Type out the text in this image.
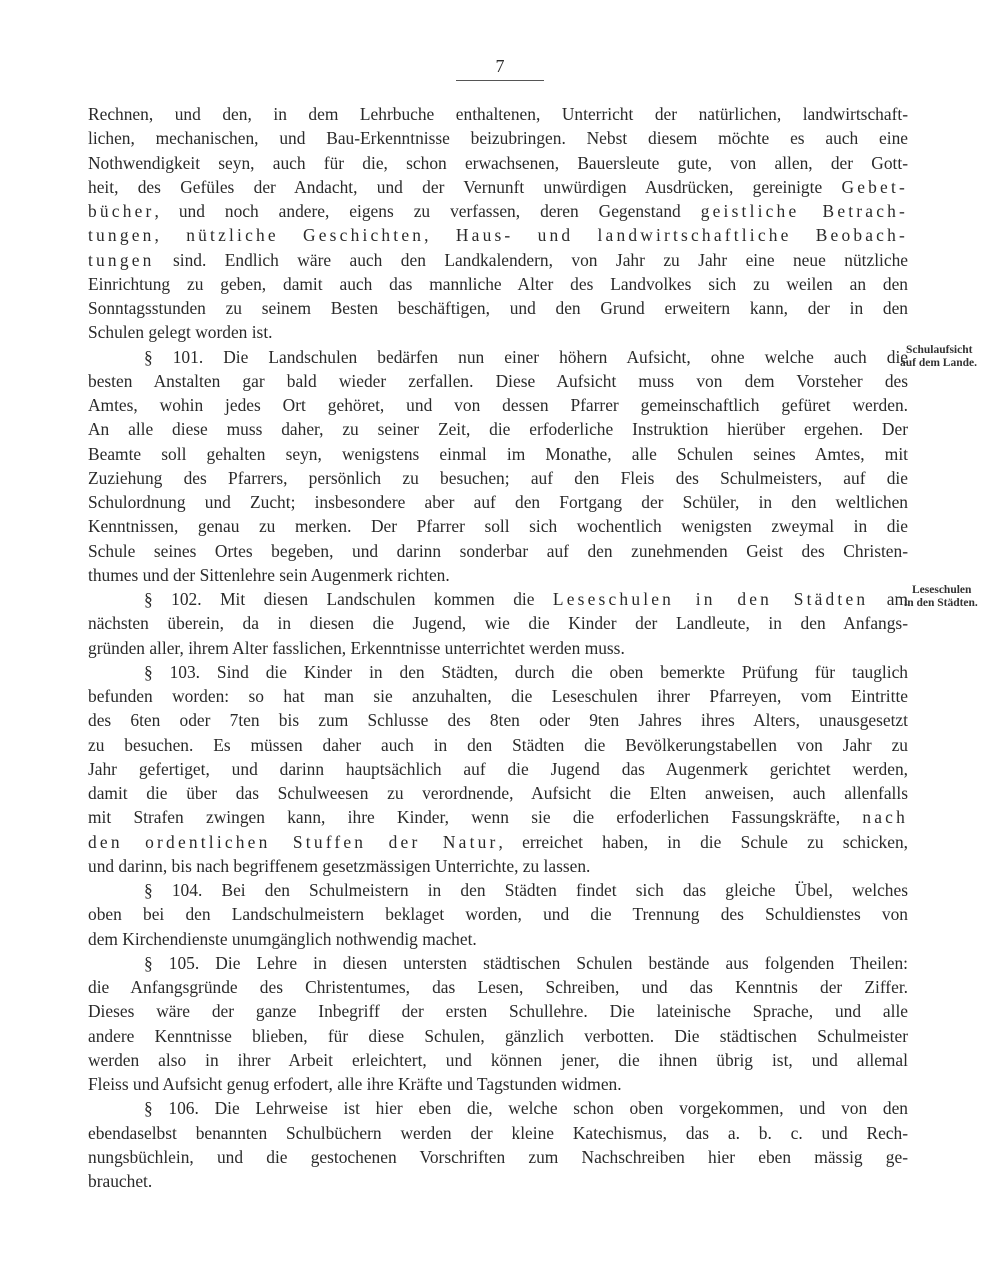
7
Rechnen, und den, in dem Lehrbuche enthaltenen, Unterricht der natürlichen, landwirtschaft-
lichen, mechanischen, und Bau-Erkenntnisse beizubringen. Nebst diesem möchte es auch eine
Nothwendigkeit seyn, auch für die, schon erwachsenen, Bauersleute gute, von allen, der Gott-
heit, des Gefüles der Andacht, und der Vernunft unwürdigen Ausdrücken, gereinigte Gebet-
bücher, und noch andere, eigens zu verfassen, deren Gegenstand geistliche Betrach-
tungen, nützliche Geschichten, Haus- und landwirtschaftliche Beobach-
tungen sind. Endlich wäre auch den Landkalendern, von Jahr zu Jahr eine neue nützliche
Einrichtung zu geben, damit auch das mannliche Alter des Landvolkes sich zu weilen an den
Sonntagsstunden zu seinem Besten beschäftigen, und den Grund erweitern kann, der in den
Schulen gelegt worden ist.
§ 101. Die Landschulen bedärfen nun einer höhern Aufsicht, ohne welche auch die
besten Anstalten gar bald wieder zerfallen. Diese Aufsicht muss von dem Vorsteher des
Amtes, wohin jedes Ort gehöret, und von dessen Pfarrer gemeinschaftlich gefüret werden.
An alle diese muss daher, zu seiner Zeit, die erfoderliche Instruktion hierüber ergehen. Der
Beamte soll gehalten seyn, wenigstens einmal im Monathe, alle Schulen seines Amtes, mit
Zuziehung des Pfarrers, persönlich zu besuchen; auf den Fleis des Schulmeisters, auf die
Schulordnung und Zucht; insbesondere aber auf den Fortgang der Schüler, in den weltlichen
Kenntnissen, genau zu merken. Der Pfarrer soll sich wochentlich wenigsten zweymal in die
Schule seines Ortes begeben, und darinn sonderbar auf den zunehmenden Geist des Christen-
thumes und der Sittenlehre sein Augenmerk richten.
§ 102. Mit diesen Landschulen kommen die Leseschulen in den Städten am
nächsten überein, da in diesen die Jugend, wie die Kinder der Landleute, in den Anfangs-
gründen aller, ihrem Alter fasslichen, Erkenntnisse unterrichtet werden muss.
§ 103. Sind die Kinder in den Städten, durch die oben bemerkte Prüfung für tauglich
befunden worden: so hat man sie anzuhalten, die Leseschulen ihrer Pfarreyen, vom Eintritte
des 6ten oder 7ten bis zum Schlusse des 8ten oder 9ten Jahres ihres Alters, unausgesetzt
zu besuchen. Es müssen daher auch in den Städten die Bevölkerungstabellen von Jahr zu
Jahr gefertiget, und darinn hauptsächlich auf die Jugend das Augenmerk gerichtet werden,
damit die über das Schulweesen zu verordnende, Aufsicht die Elten anweisen, auch allenfalls
mit Strafen zwingen kann, ihre Kinder, wenn sie die erfoderlichen Fassungskräfte, nach
den ordentlichen Stuffen der Natur, erreichet haben, in die Schule zu schicken,
und darinn, bis nach begriffenem gesetzmässigen Unterrichte, zu lassen.
§ 104. Bei den Schulmeistern in den Städten findet sich das gleiche Übel, welches
oben bei den Landschulmeistern beklaget worden, und die Trennung des Schuldienstes von
dem Kirchendienste unumgänglich nothwendig machet.
§ 105. Die Lehre in diesen untersten städtischen Schulen bestände aus folgenden Theilen:
die Anfangsgründe des Christentumes, das Lesen, Schreiben, und das Kenntnis der Ziffer.
Dieses wäre der ganze Inbegriff der ersten Schullehre. Die lateinische Sprache, und alle
andere Kenntnisse blieben, für diese Schulen, gänzlich verbotten. Die städtischen Schulmeister
werden also in ihrer Arbeit erleichtert, und können jener, die ihnen übrig ist, und allemal
Fleiss und Aufsicht genug erfodert, alle ihre Kräfte und Tagstunden widmen.
§ 106. Die Lehrweise ist hier eben die, welche schon oben vorgekommen, und von den
ebendaselbst benannten Schulbüchern werden der kleine Katechismus, das a. b. c. und Rech-
nungsbüchlein, und die gestochenen Vorschriften zum Nachschreiben hier eben mässig ge-
brauchet.
Schulaufsicht
auf dem Lande.
Leseschulen
in den Städten.
